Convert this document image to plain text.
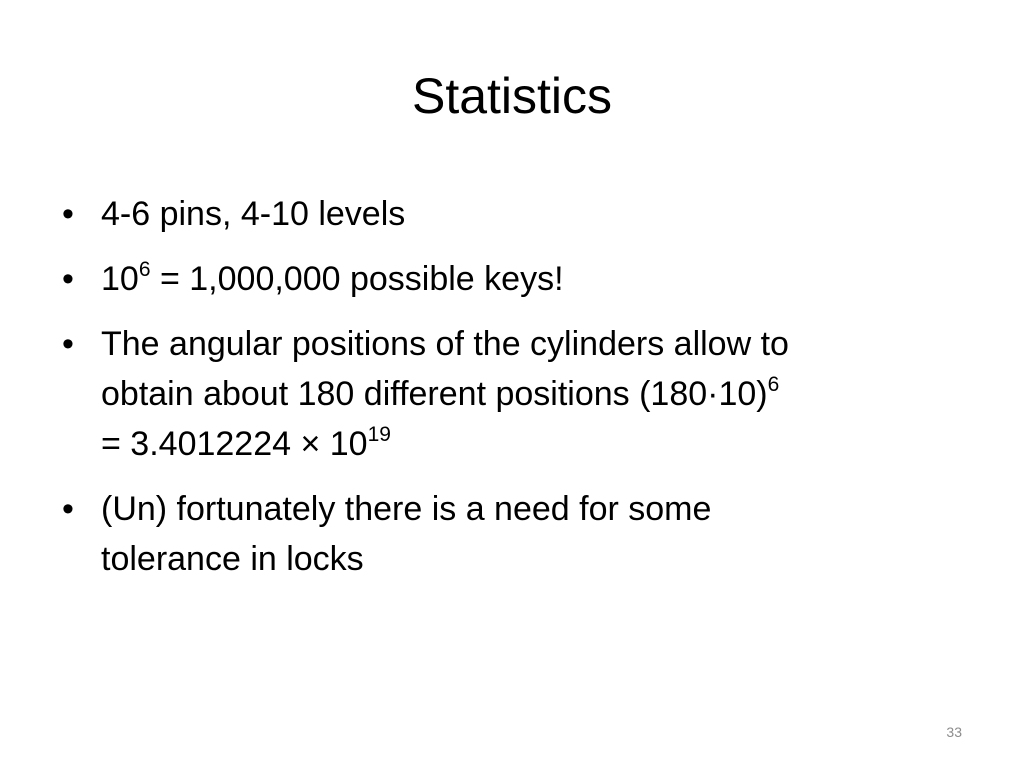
Statistics
• 4-6 pins, 4-10 levels
• $10^6 = 1,000,000$ possible keys!
• The angular positions of the cylinders allow to
obtain about 180 different positions $(180\cdot 10)^6$
= $3.4012224 \times 10^{19}$
• (Un) fortunately there is a need for some
tolerance in locks
33
